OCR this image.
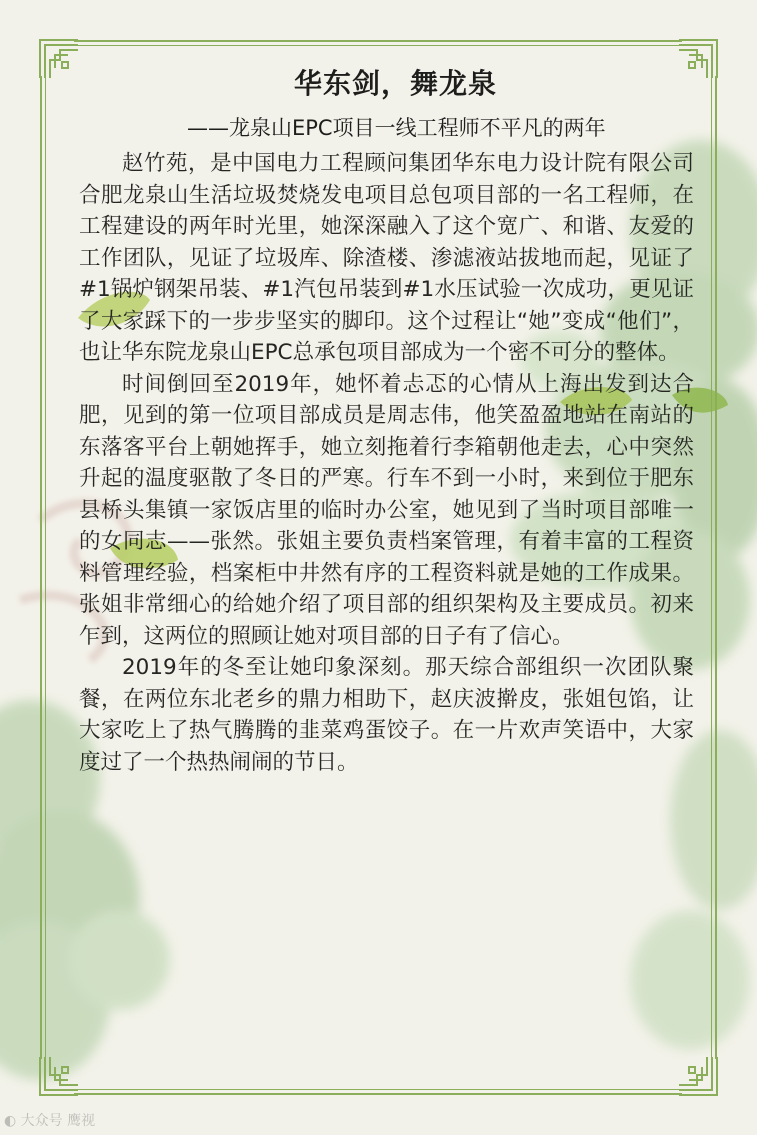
华东剑，舞龙泉

——龙泉山EPC项目一线工程师不平凡的两年

赵竹苑，是中国电力工程顾问集团华东电力设计院有限公司合肥龙泉山生活垃圾焚烧发电项目总包项目部的一名工程师，在工程建设的两年时光里，她深深融入了这个宽广、和谐、友爱的工作团队，见证了垃圾库、除渣楼、渗滤液站拔地而起，见证了#1锅炉钢架吊装、#1汽包吊装到#1水压试验一次成功，更见证了大家踩下的一步步坚实的脚印。这个过程让“她”变成“他们”，也让华东院龙泉山EPC总承包项目部成为一个密不可分的整体。

时间倒回至2019年，她怀着忐忑的心情从上海出发到达合肥，见到的第一位项目部成员是周志伟，他笑盈盈地站在南站的东落客平台上朝她挥手，她立刻拖着行李箱朝他走去，心中突然升起的温度驱散了冬日的严寒。行车不到一小时，来到位于肥东县桥头集镇一家饭店里的临时办公室，她见到了当时项目部唯一的女同志——张然。张姐主要负责档案管理，有着丰富的工程资料管理经验，档案柜中井然有序的工程资料就是她的工作成果。张姐非常细心的给她介绍了项目部的组织架构及主要成员。初来乍到，这两位的照顾让她对项目部的日子有了信心。

2019年的冬至让她印象深刻。那天综合部组织一次团队聚餐，在两位东北老乡的鼎力相助下，赵庆波擀皮，张姐包馅，让大家吃上了热气腾腾的韭菜鸡蛋饺子。在一片欢声笑语中，大家度过了一个热热闹闹的节日。

◐ 大众号 鹰视
